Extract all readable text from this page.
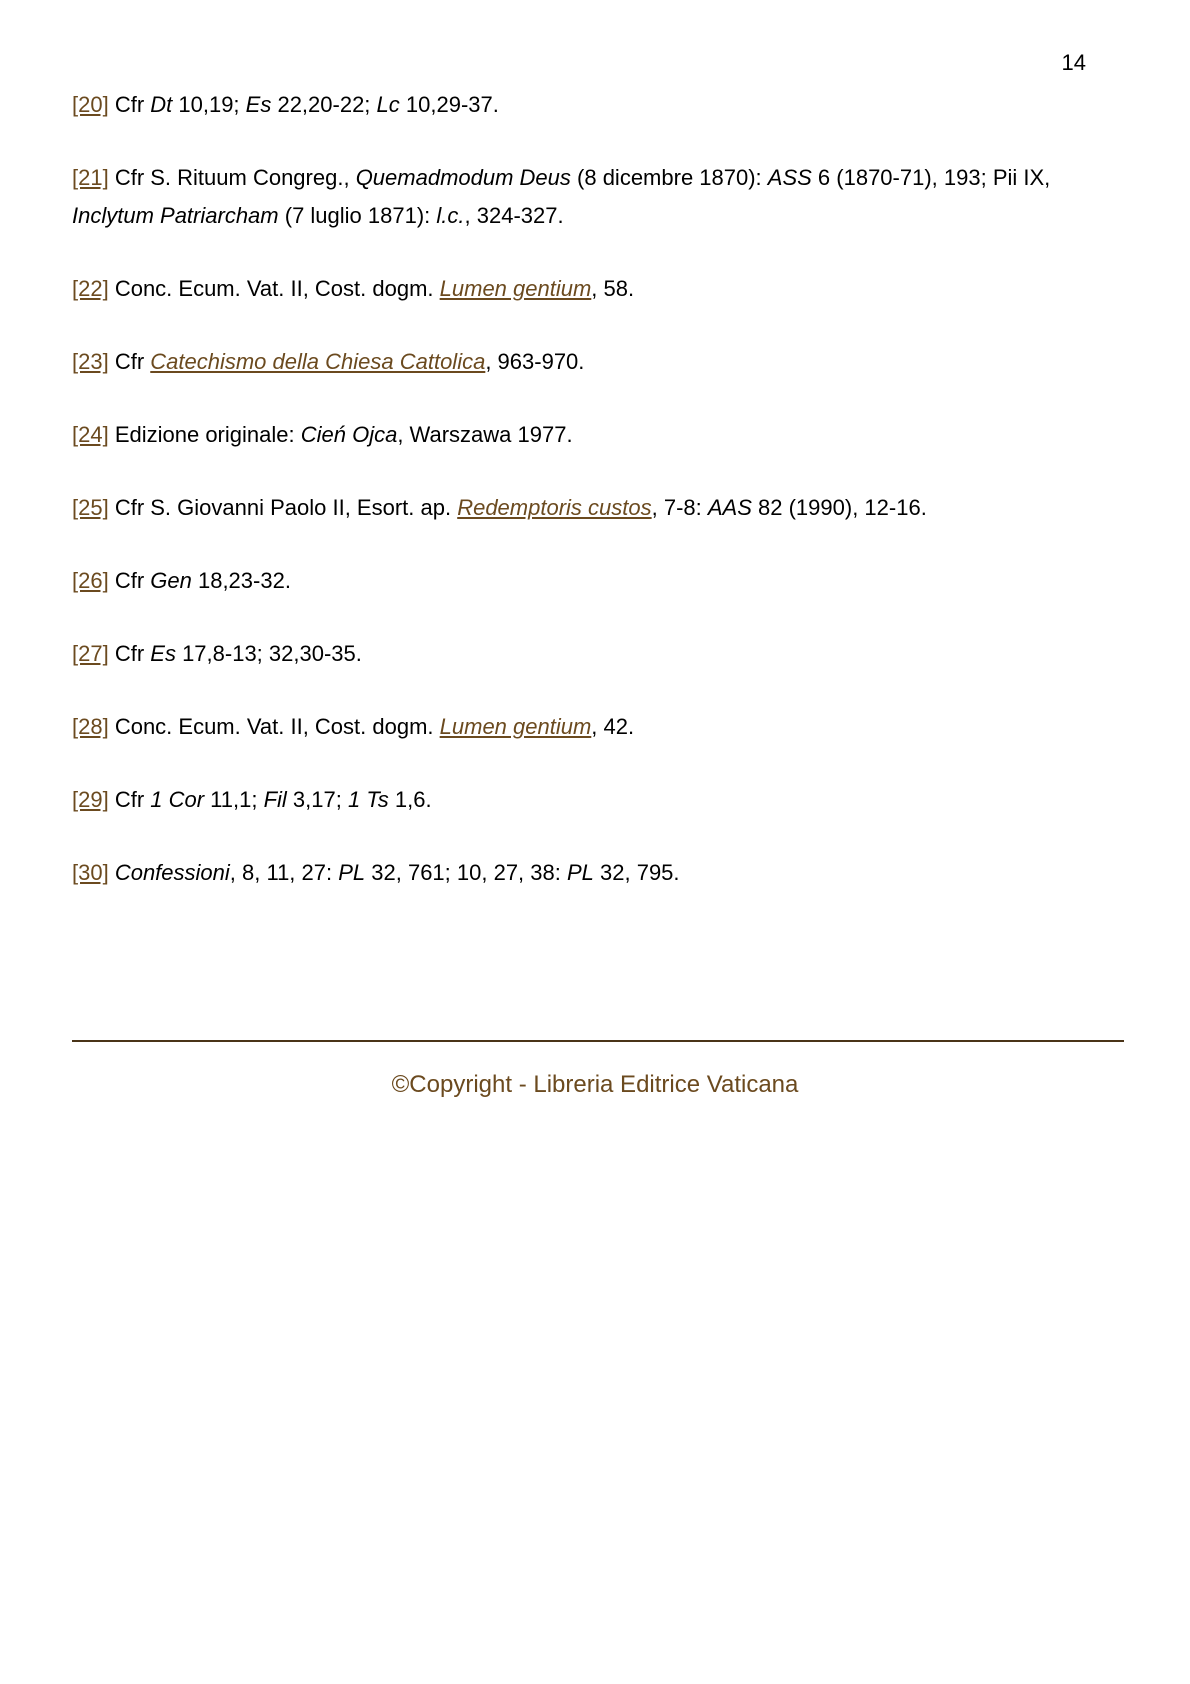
14
[20] Cfr Dt 10,19; Es 22,20-22; Lc 10,29-37.
[21] Cfr S. Rituum Congreg., Quemadmodum Deus (8 dicembre 1870): ASS 6 (1870-71), 193; Pii IX, Inclytum Patriarcham (7 luglio 1871): l.c., 324-327.
[22] Conc. Ecum. Vat. II, Cost. dogm. Lumen gentium, 58.
[23] Cfr Catechismo della Chiesa Cattolica, 963-970.
[24] Edizione originale: Cień Ojca, Warszawa 1977.
[25] Cfr S. Giovanni Paolo II, Esort. ap. Redemptoris custos, 7-8: AAS 82 (1990), 12-16.
[26] Cfr Gen 18,23-32.
[27] Cfr Es 17,8-13; 32,30-35.
[28] Conc. Ecum. Vat. II, Cost. dogm. Lumen gentium, 42.
[29] Cfr 1 Cor 11,1; Fil 3,17; 1 Ts 1,6.
[30] Confessioni, 8, 11, 27: PL 32, 761; 10, 27, 38: PL 32, 795.
©Copyright - Libreria Editrice Vaticana
